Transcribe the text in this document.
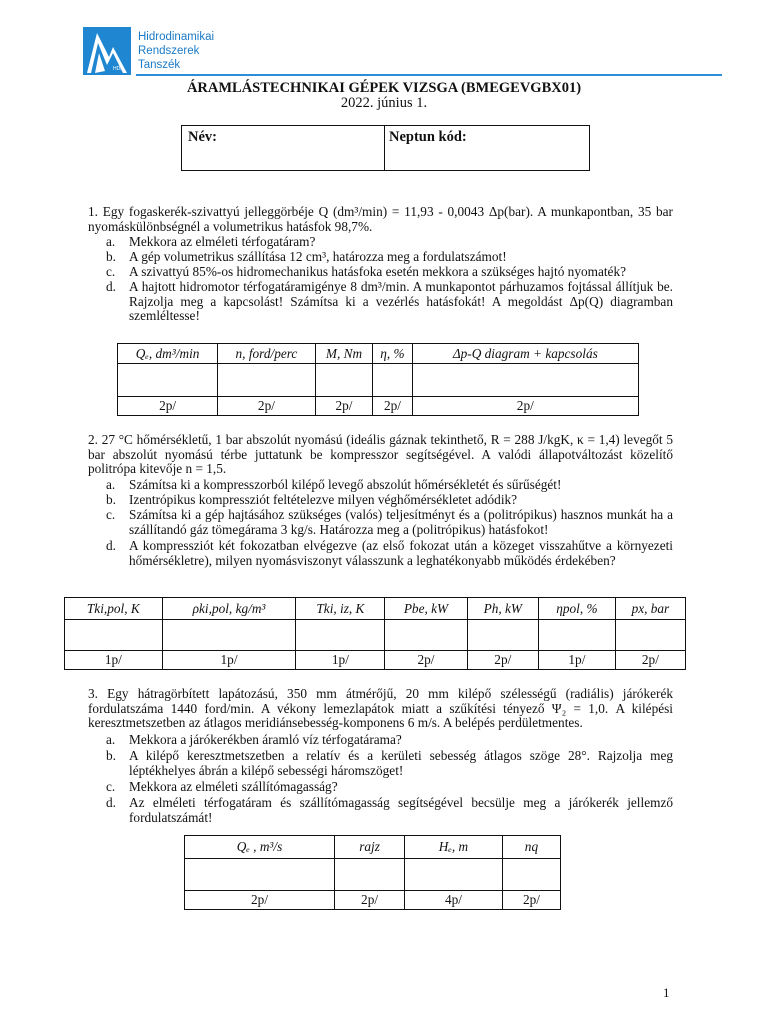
HDR
Hidrodinamikai
Rendszerek
Tanszék
ÁRAMLÁSTECHNIKAI GÉPEK VIZSGA (BMEGEVGBX01)
2022. június 1.
Név:	Neptun kód:

1. Egy fogaskerék-szivattyú jelleggörbéje Q (dm³/min) = 11,93 - 0,0043 Δp(bar). A munkapontban, 35 bar nyomáskülönbségnél a volumetrikus hatásfok 98,7%.

a. Mekkora az elméleti térfogatáram?
b. A gép volumetrikus szállítása 12 cm³, határozza meg a fordulatszámot!
c. A szivattyú 85%-os hidromechanikus hatásfoka esetén mekkora a szükséges hajtó nyomaték?
d. A hajtott hidromotor térfogatáramigénye 8 dm³/min. A munkapontot párhuzamos fojtással állítjuk be. Rajzolja meg a kapcsolást! Számítsa ki a vezérlés hatásfokát! A megoldást Δp(Q) diagramban szemléltesse!
Qₑ, dm³/min	n, ford/perc	M, Nm	η, %	Δp-Q diagram + kapcsolás

2p/	2p/	2p/	2p/	2p/

2. 27 °C hőmérsékletű, 1 bar abszolút nyomású (ideális gáznak tekinthető, R = 288 J/kgK, κ = 1,4) levegőt 5 bar abszolút nyomású térbe juttatunk be kompresszor segítségével. A valódi állapotváltozást közelítő politrópa kitevője n = 1,5.

a. Számítsa ki a kompresszorból kilépő levegő abszolút hőmérsékletét és sűrűségét!
b. Izentrópikus kompressziót feltételezve milyen véghőmérsékletet adódik?
c. Számítsa ki a gép hajtásához szükséges (valós) teljesítményt és a (politrópikus) hasznos munkát ha a szállítandó gáz tömegárama 3 kg/s. Határozza meg a (politrópikus) hatásfokot!
d. A kompressziót két fokozatban elvégezve (az első fokozat után a közeget visszahűtve a környezeti hőmérsékletre), milyen nyomásviszonyt válasszunk a leghatékonyabb működés érdekében?
Tki,pol, K	ρki,pol, kg/m³	Tki, iz, K	Pbe, kW	Ph, kW	ηpol, %	px, bar

1p/	1p/	1p/	2p/	2p/	1p/	2p/

3. Egy hátragörbített lapátozású, 350 mm átmérőjű, 20 mm kilépő szélességű (radiális) járókerék fordulatszáma 1440 ford/min. A vékony lemezlapátok miatt a szűkítési tényező Ψ₂ = 1,0. A kilépési keresztmetszetben az átlagos meridiánsebesség-komponens 6 m/s. A belépés perdületmentes.

a. Mekkora a járókerékben áramló víz térfogatárama?
b. A kilépő keresztmetszetben a relatív és a kerületi sebesség átlagos szöge 28°. Rajzolja meg léptékhelyes ábrán a kilépő sebességi háromszöget!
c. Mekkora az elméleti szállítómagasság?
d. Az elméleti térfogatáram és szállítómagasság segítségével becsülje meg a járókerék jellemző fordulatszámát!
Qₑ , m³/s	rajz	Hₑ, m	nq

2p/	2p/	4p/	2p/
1
